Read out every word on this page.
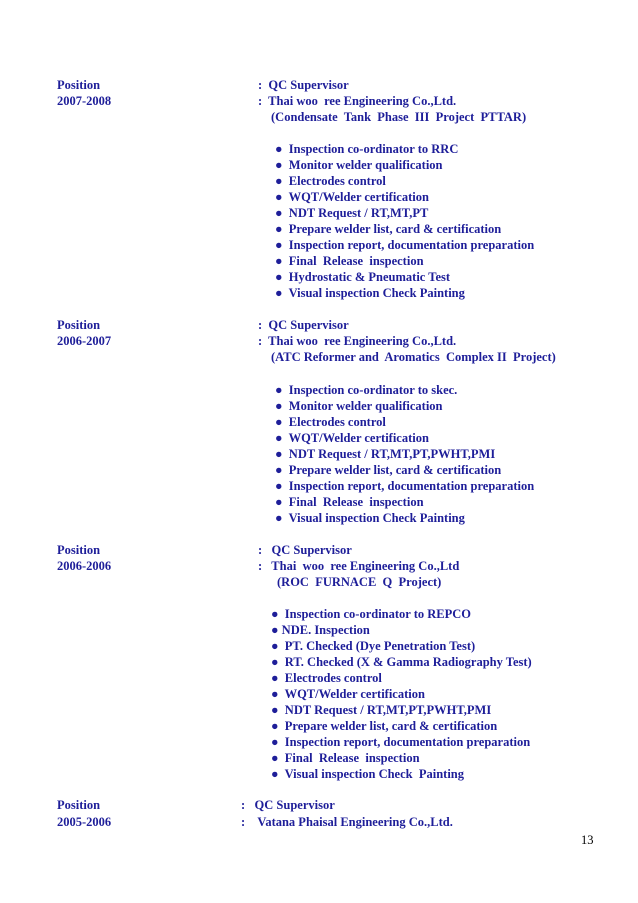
Position
2007-2008
:  QC Supervisor
:  Thai woo  ree Engineering Co.,Ltd.
(Condensate  Tank  Phase  III  Project  PTTAR)
●  Inspection co-ordinator to RRC
●  Monitor welder qualification
●  Electrodes control
●  WQT/Welder certification
●  NDT Request / RT,MT,PT
●  Prepare welder list, card & certification
●  Inspection report, documentation preparation
●  Final  Release  inspection
●  Hydrostatic & Pneumatic Test
●  Visual inspection Check Painting
Position
2006-2007
:  QC Supervisor
:  Thai woo  ree Engineering Co.,Ltd.
(ATC Reformer and  Aromatics  Complex II  Project)
●  Inspection co-ordinator to skec.
●  Monitor welder qualification
●  Electrodes control
●  WQT/Welder certification
●  NDT Request / RT,MT,PT,PWHT,PMI
●  Prepare welder list, card & certification
●  Inspection report, documentation preparation
●  Final  Release  inspection
●  Visual inspection Check Painting
Position
2006-2006
:   QC Supervisor
:   Thai  woo  ree Engineering Co.,Ltd
(ROC  FURNACE  Q  Project)
●  Inspection co-ordinator to REPCO
● NDE. Inspection
●  PT. Checked (Dye Penetration Test)
●  RT. Checked (X & Gamma Radiography Test)
●  Electrodes control
●  WQT/Welder certification
●  NDT Request / RT,MT,PT,PWHT,PMI
●  Prepare welder list, card & certification
●  Inspection report, documentation preparation
●  Final  Release  inspection
●  Visual inspection Check  Painting
Position
2005-2006
:   QC Supervisor
:    Vatana Phaisal Engineering Co.,Ltd.
13
